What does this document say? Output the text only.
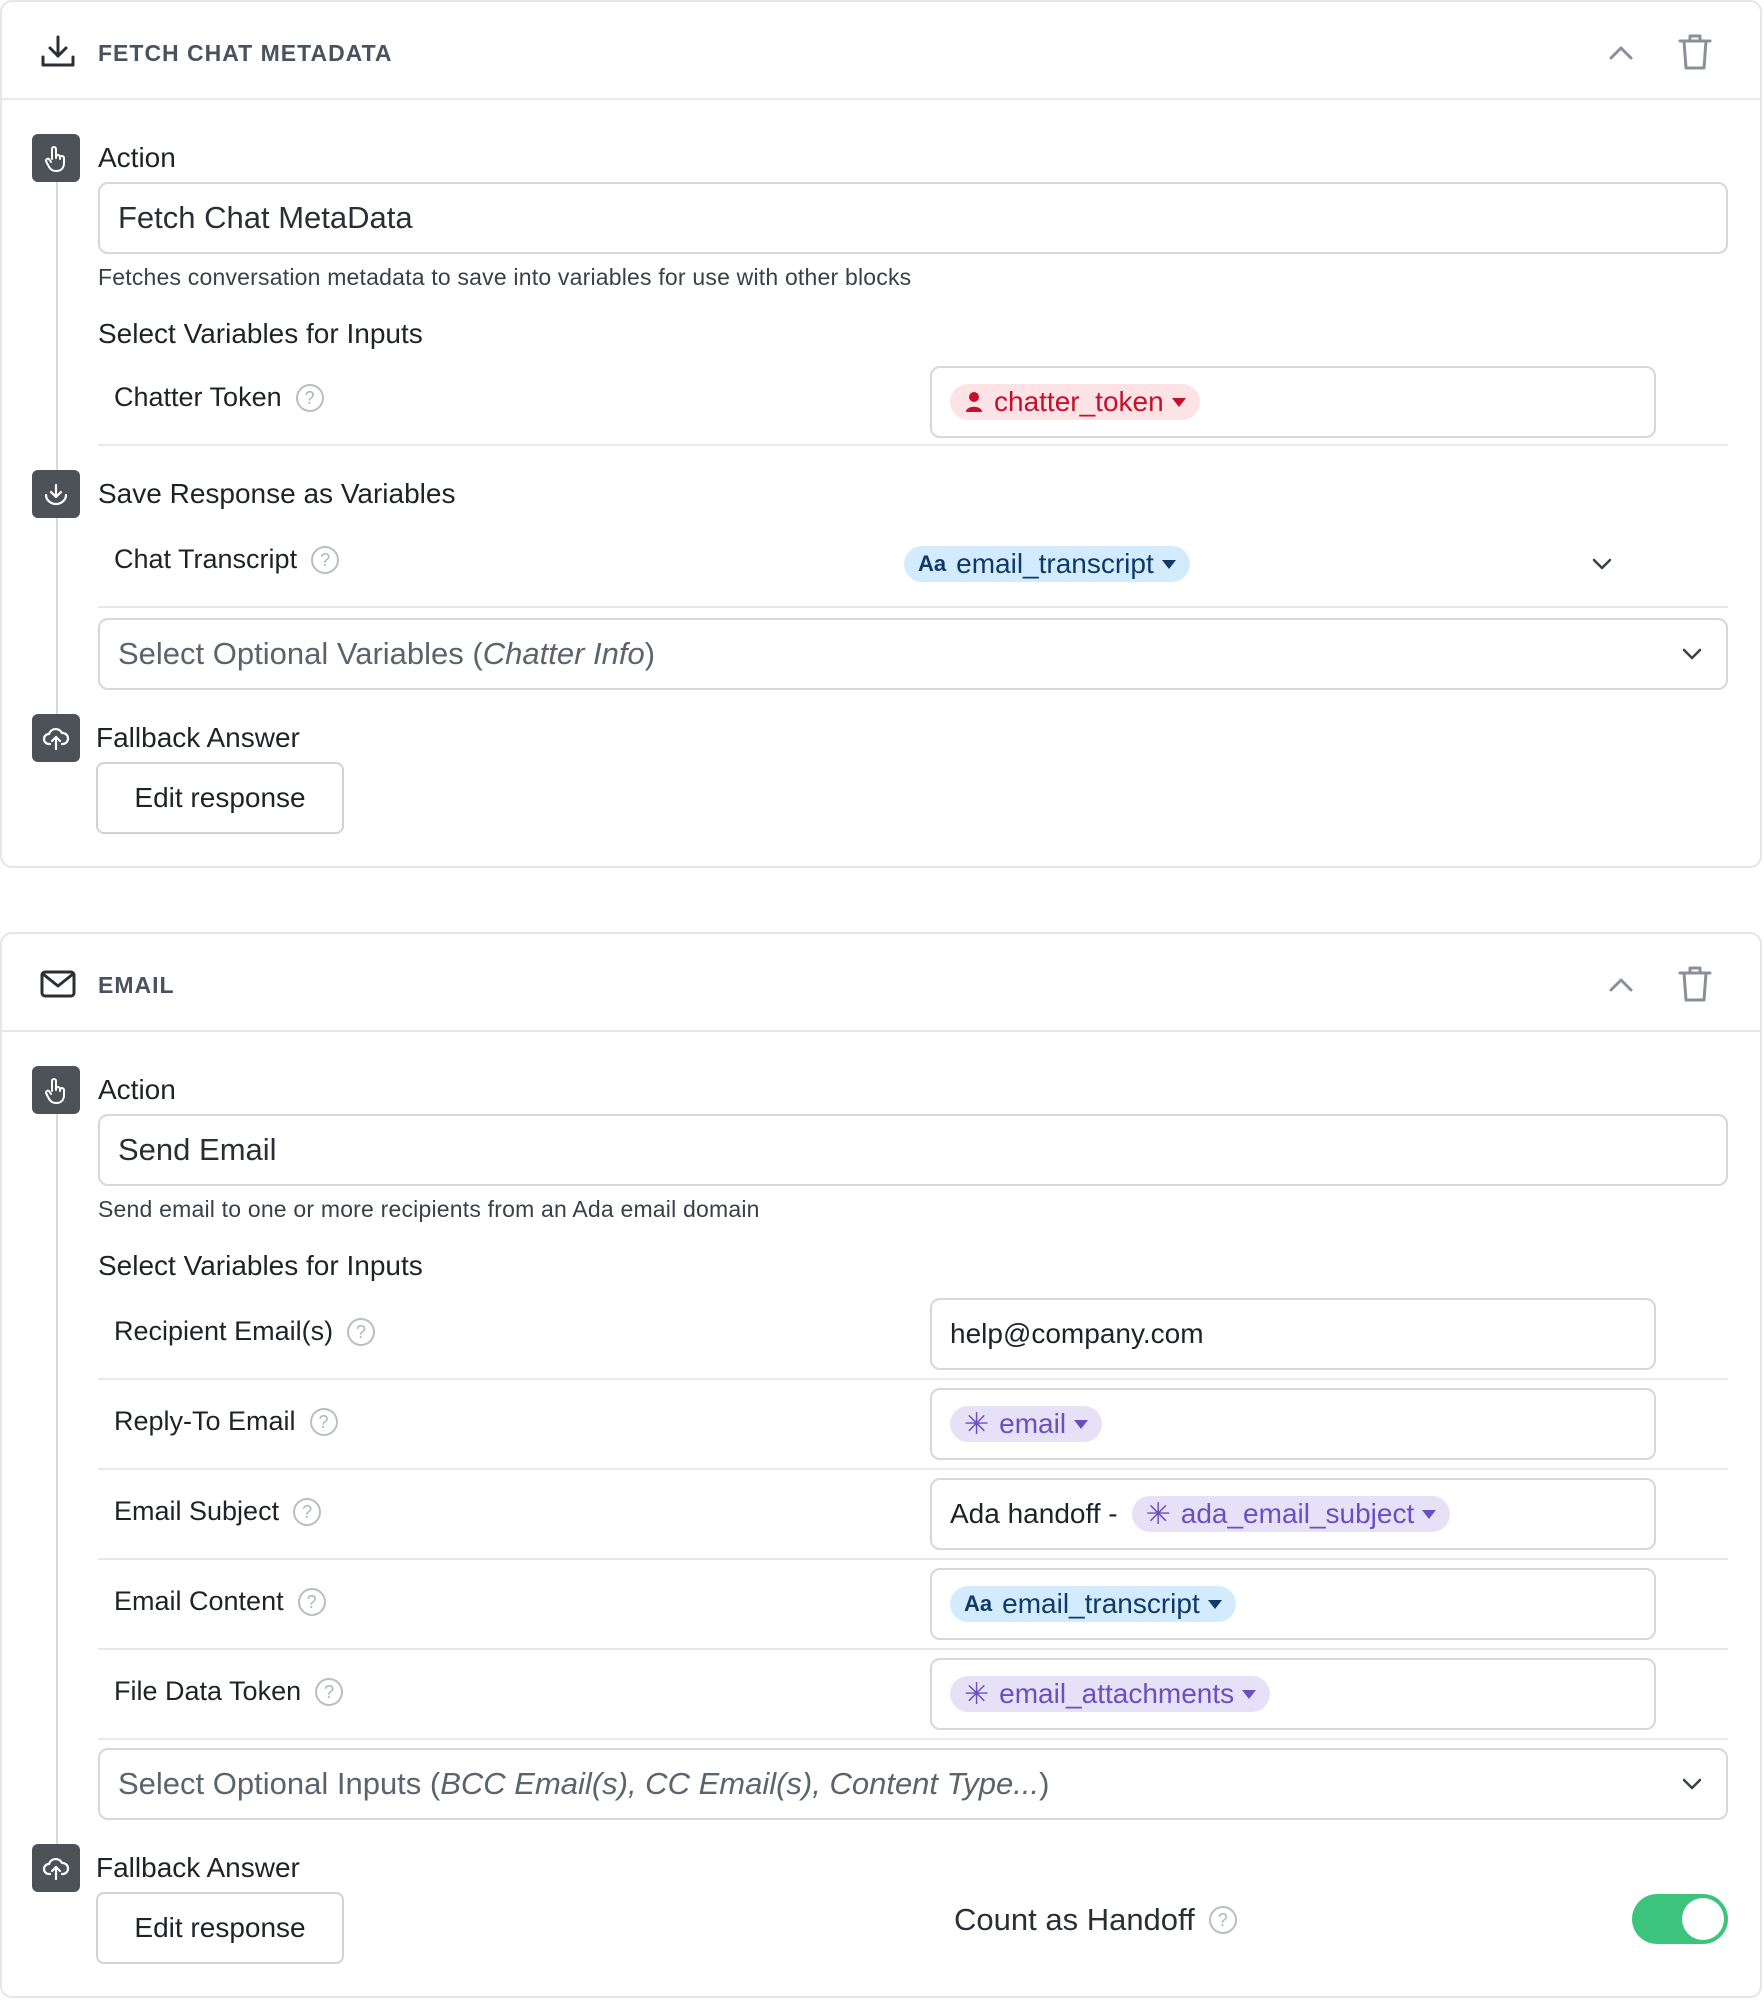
FETCH CHAT METADATA
Action
Fetch Chat MetaData
Fetches conversation metadata to save into variables for use with other blocks
Select Variables for Inputs
Chatter Token	?	chatter_token
Save Response as Variables
Chat Transcript	?	Aa email_transcript
Select Optional Variables ( Chatter Info )
Fallback Answer
Edit response
EMAIL
Action
Send Email
Send email to one or more recipients from an Ada email domain
Select Variables for Inputs
Recipient Email(s)	?	help@company.com
Reply-To Email	?	✳ email
Email Subject	?	Ada handoff - ✳ ada_email_subject
Email Content	?	Aa email_transcript
File Data Token	?	✳ email_attachments
Select Optional Inputs ( BCC Email(s), CC Email(s), Content Type... )
Fallback Answer
Edit response	Count as Handoff	?
